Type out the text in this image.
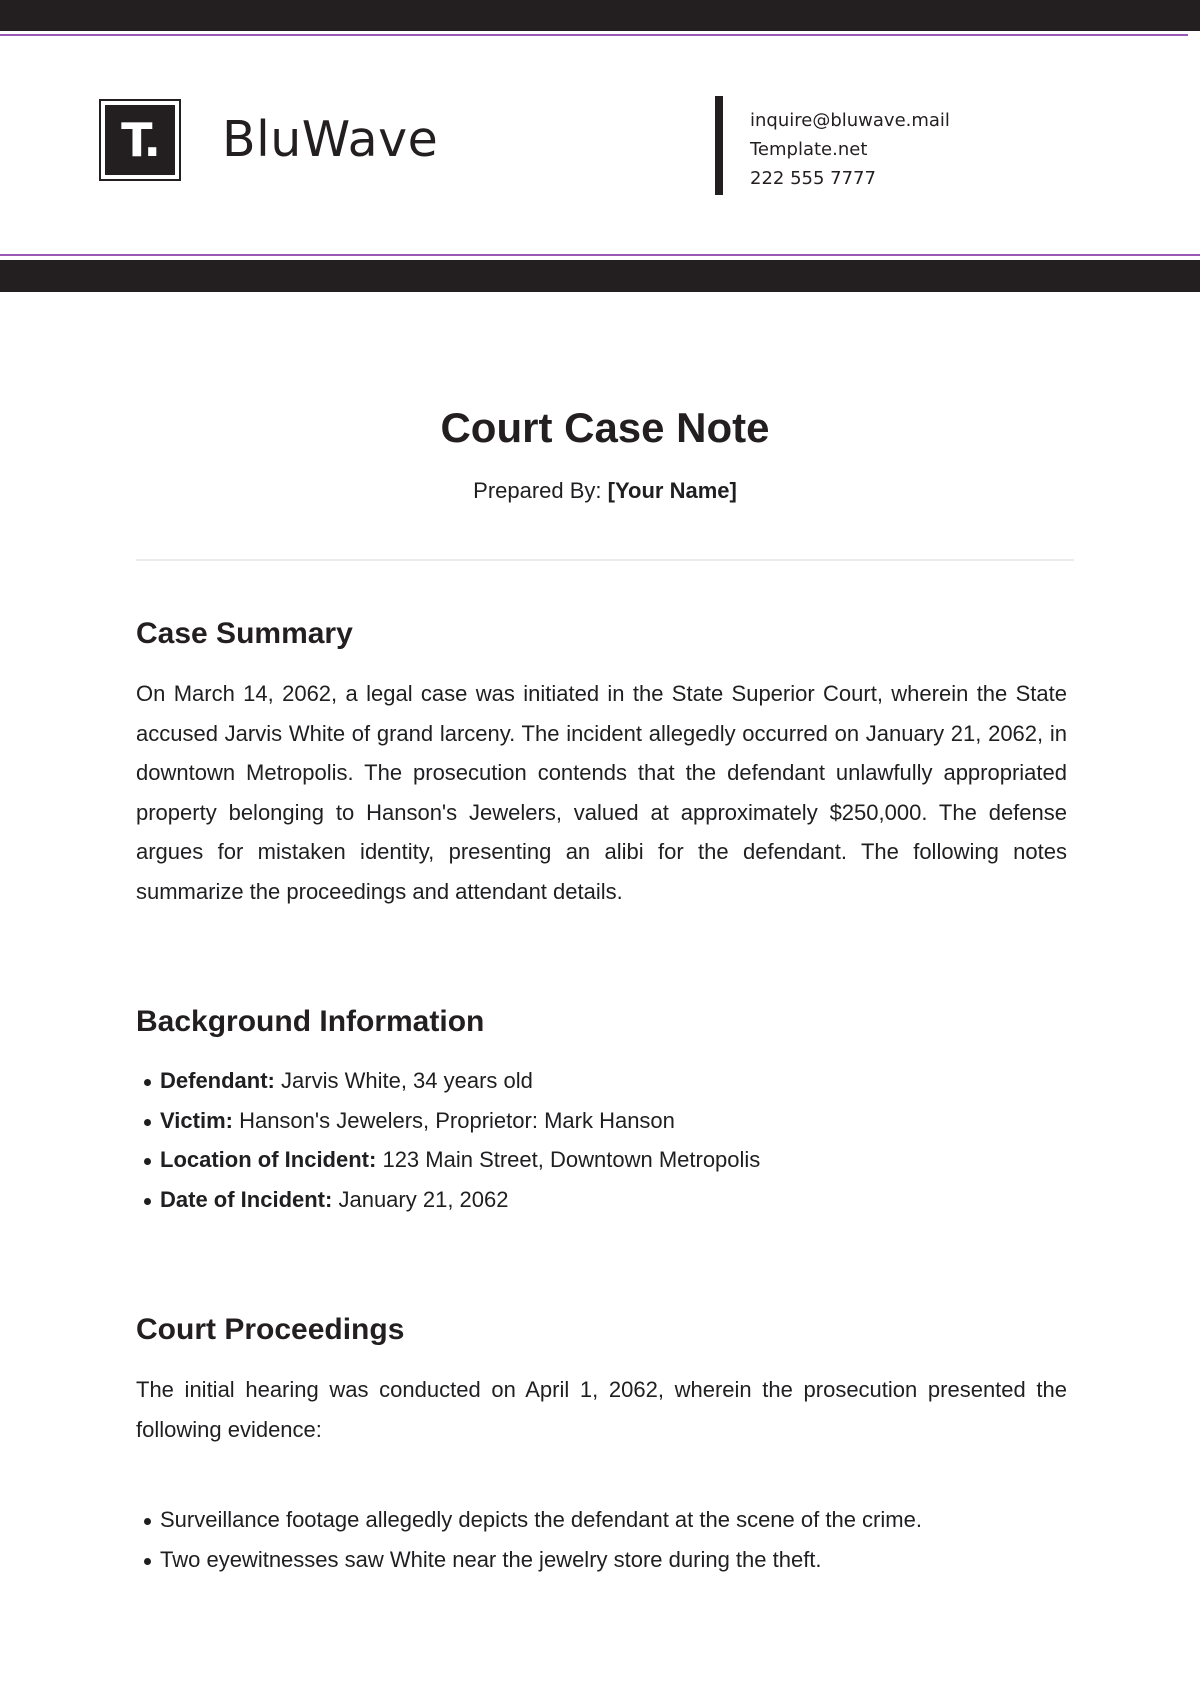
T.	BluWave	inquire@bluwave.mail
Template.net
222 555 7777
Court Case Note
Prepared By: [Your Name]
Case Summary

On March 14, 2062, a legal case was initiated in the State Superior Court, wherein the State accused Jarvis White of grand larceny. The incident allegedly occurred on January 21, 2062, in downtown Metropolis. The prosecution contends that the defendant unlawfully appropriated property belonging to Hanson's Jewelers, valued at approximately $250,000. The defense argues for mistaken identity, presenting an alibi for the defendant. The following notes summarize the proceedings and attendant details.

Background Information
Defendant: Jarvis White, 34 years old
Victim: Hanson's Jewelers, Proprietor: Mark Hanson
Location of Incident: 123 Main Street, Downtown Metropolis
Date of Incident: January 21, 2062
Court Proceedings

The initial hearing was conducted on April 1, 2062, wherein the prosecution presented the following evidence:

Surveillance footage allegedly depicts the defendant at the scene of the crime.
Two eyewitnesses saw White near the jewelry store during the theft.
